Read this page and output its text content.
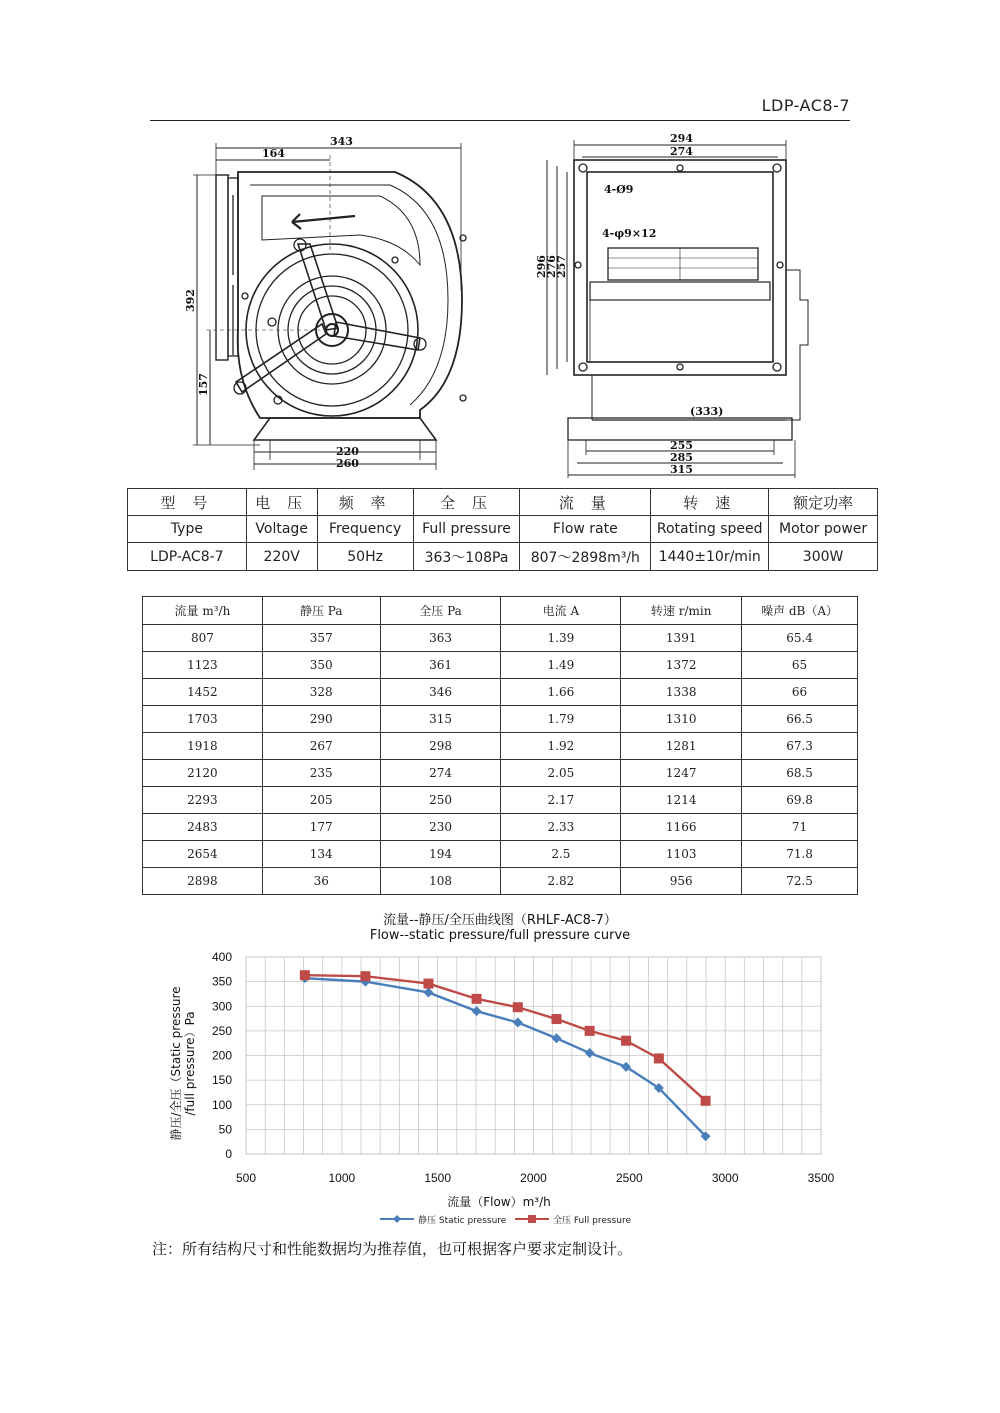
LDP-AC8-7
343
164
392
157
220
260
294
274
296
276
257
4-Ø9
4-φ9×12
(333)
255
285
315
型 号	电 压	频 率	全 压	流 量	转 速	额定功率
Type	Voltage	Frequency	Full pressure	Flow rate	Rotating speed	Motor power
LDP-AC8-7	220V	50Hz	363～108Pa	807～2898m³/h	1440±10r/min	300W
流量 m³/h	静压 Pa	全压 Pa	电流 A	转速 r/min	噪声 dB（A）
807	357	363	1.39	1391	65.4
1123	350	361	1.49	1372	65
1452	328	346	1.66	1338	66
1703	290	315	1.79	1310	66.5
1918	267	298	1.92	1281	67.3
2120	235	274	2.05	1247	68.5
2293	205	250	2.17	1214	69.8
2483	177	230	2.33	1166	71
2654	134	194	2.5	1103	71.8
2898	36	108	2.82	956	72.5
流量--静压/全压曲线图（RHLF-AC8-7）
Flow--static pressure/full pressure curve
0
50
100
150
200
250
300
350
400
500	1000	1500	2000	2500	3000	3500
流量（Flow）m³/h
静压/全压（Static pressure /full pressure）Pa
静压 Static pressure	全压 Full pressure
注：所有结构尺寸和性能数据均为推荐值，也可根据客户要求定制设计。
